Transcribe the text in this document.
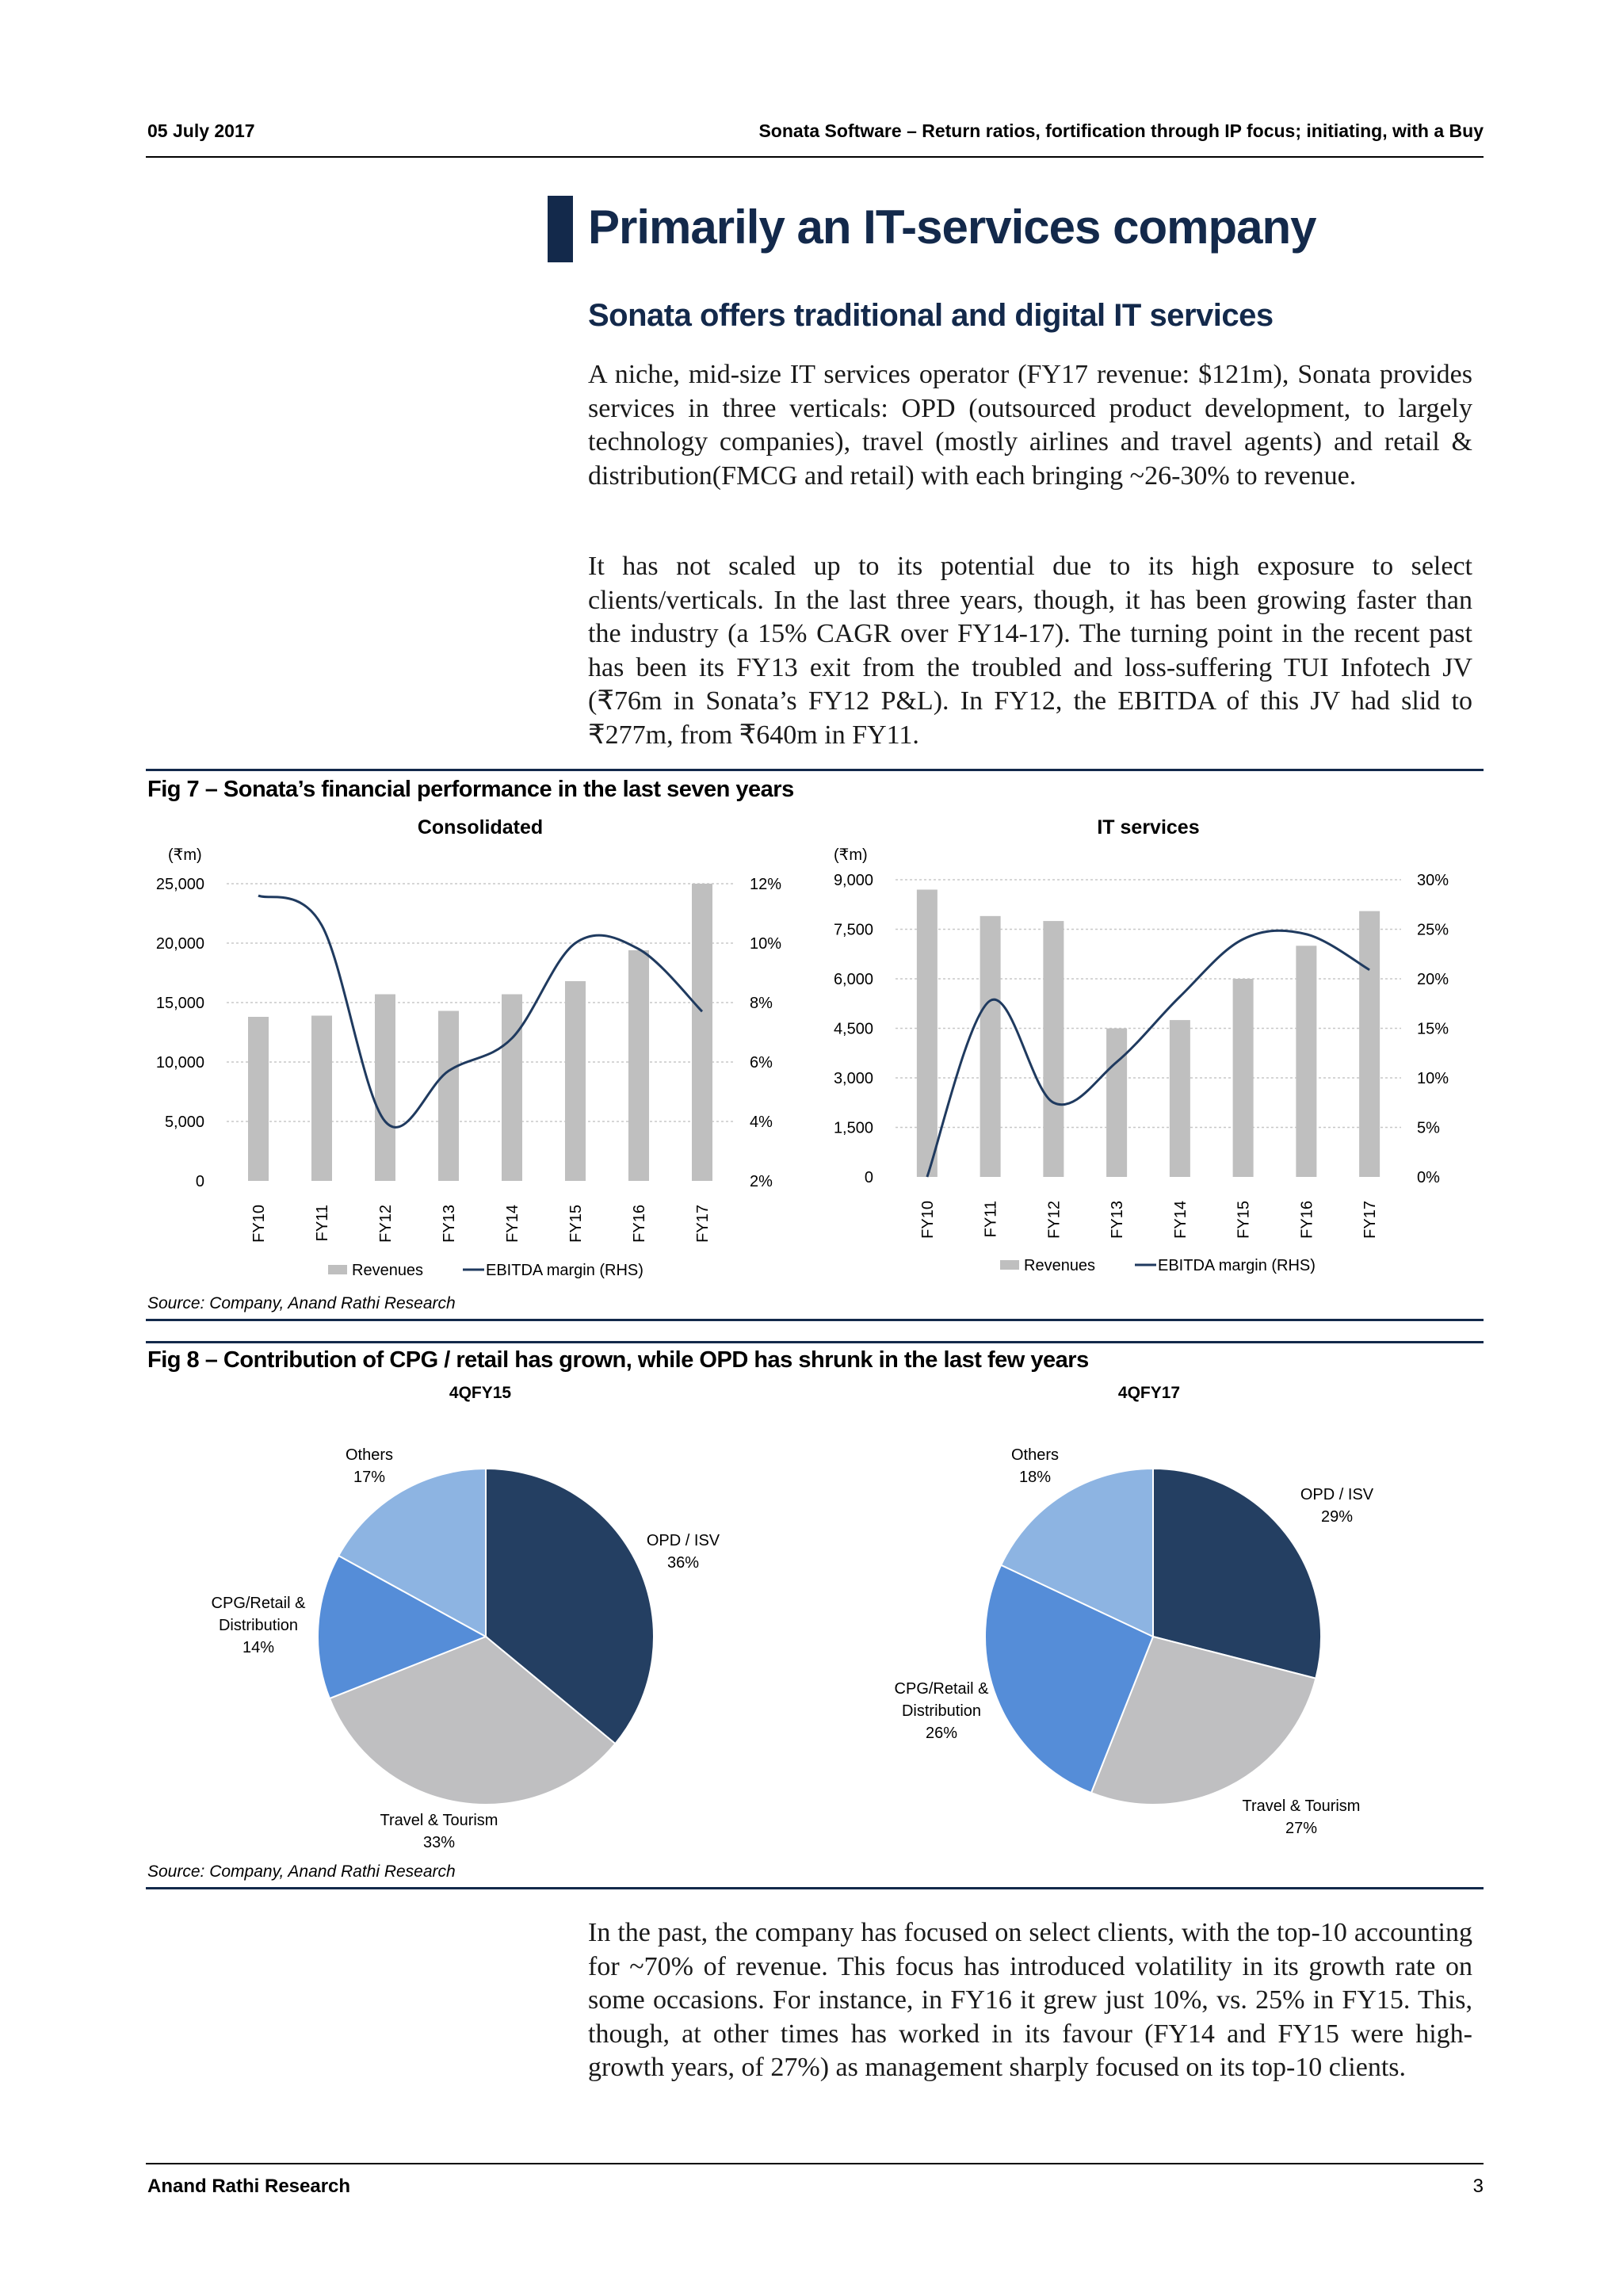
05 July 2017	Sonata Software – Return ratios, fortification through IP focus; initiating, with a Buy
Primarily an IT-services company
Sonata offers traditional and digital IT services
A niche, mid-size IT services operator (FY17 revenue: $121m), Sonata provides services in three verticals: OPD (outsourced product development, to largely technology companies), travel (mostly airlines and travel agents) and retail & distribution(FMCG and retail) with each bringing ~26-30% to revenue.
It has not scaled up to its potential due to its high exposure to select clients/verticals. In the last three years, though, it has been growing faster than the industry (a 15% CAGR over FY14-17). The turning point in the recent past has been its FY13 exit from the troubled and loss-suffering TUI Infotech JV (₹76m in Sonata’s FY12 P&L). In FY12, the EBITDA of this JV had slid to ₹277m, from ₹640m in FY11.
Fig 7 – Sonata’s financial performance in the last seven years
Consolidated
(₹m)
0
5,000
10,000
15,000
20,000
25,000
2%
4%
6%
8%
10%
12%
FY10	FY11	FY12	FY13	FY14	FY15	FY16	FY17
Revenues	EBITDA margin (RHS)
IT services
(₹m)
0
1,500
3,000
4,500
6,000
7,500
9,000
0%
5%
10%
15%
20%
25%
30%
FY10	FY11	FY12	FY13	FY14	FY15	FY16	FY17
Revenues	EBITDA margin (RHS)
Source: Company, Anand Rathi Research
Fig 8 – Contribution of CPG / retail has grown, while OPD has shrunk in the last few years
4QFY15
OPD / ISV 36%
Travel & Tourism 33%
CPG/Retail & Distribution 14%
Others 17%
4QFY17
OPD / ISV 29%
Travel & Tourism 27%
CPG/Retail & Distribution 26%
Others 18%
Source: Company, Anand Rathi Research
In the past, the company has focused on select clients, with the top-10 accounting for ~70% of revenue. This focus has introduced volatility in its growth rate on some occasions. For instance, in FY16 it grew just 10%, vs. 25% in FY15. This, though, at other times has worked in its favour (FY14 and FY15 were high-growth years, of 27%) as management sharply focused on its top-10 clients.
Anand Rathi Research	3
